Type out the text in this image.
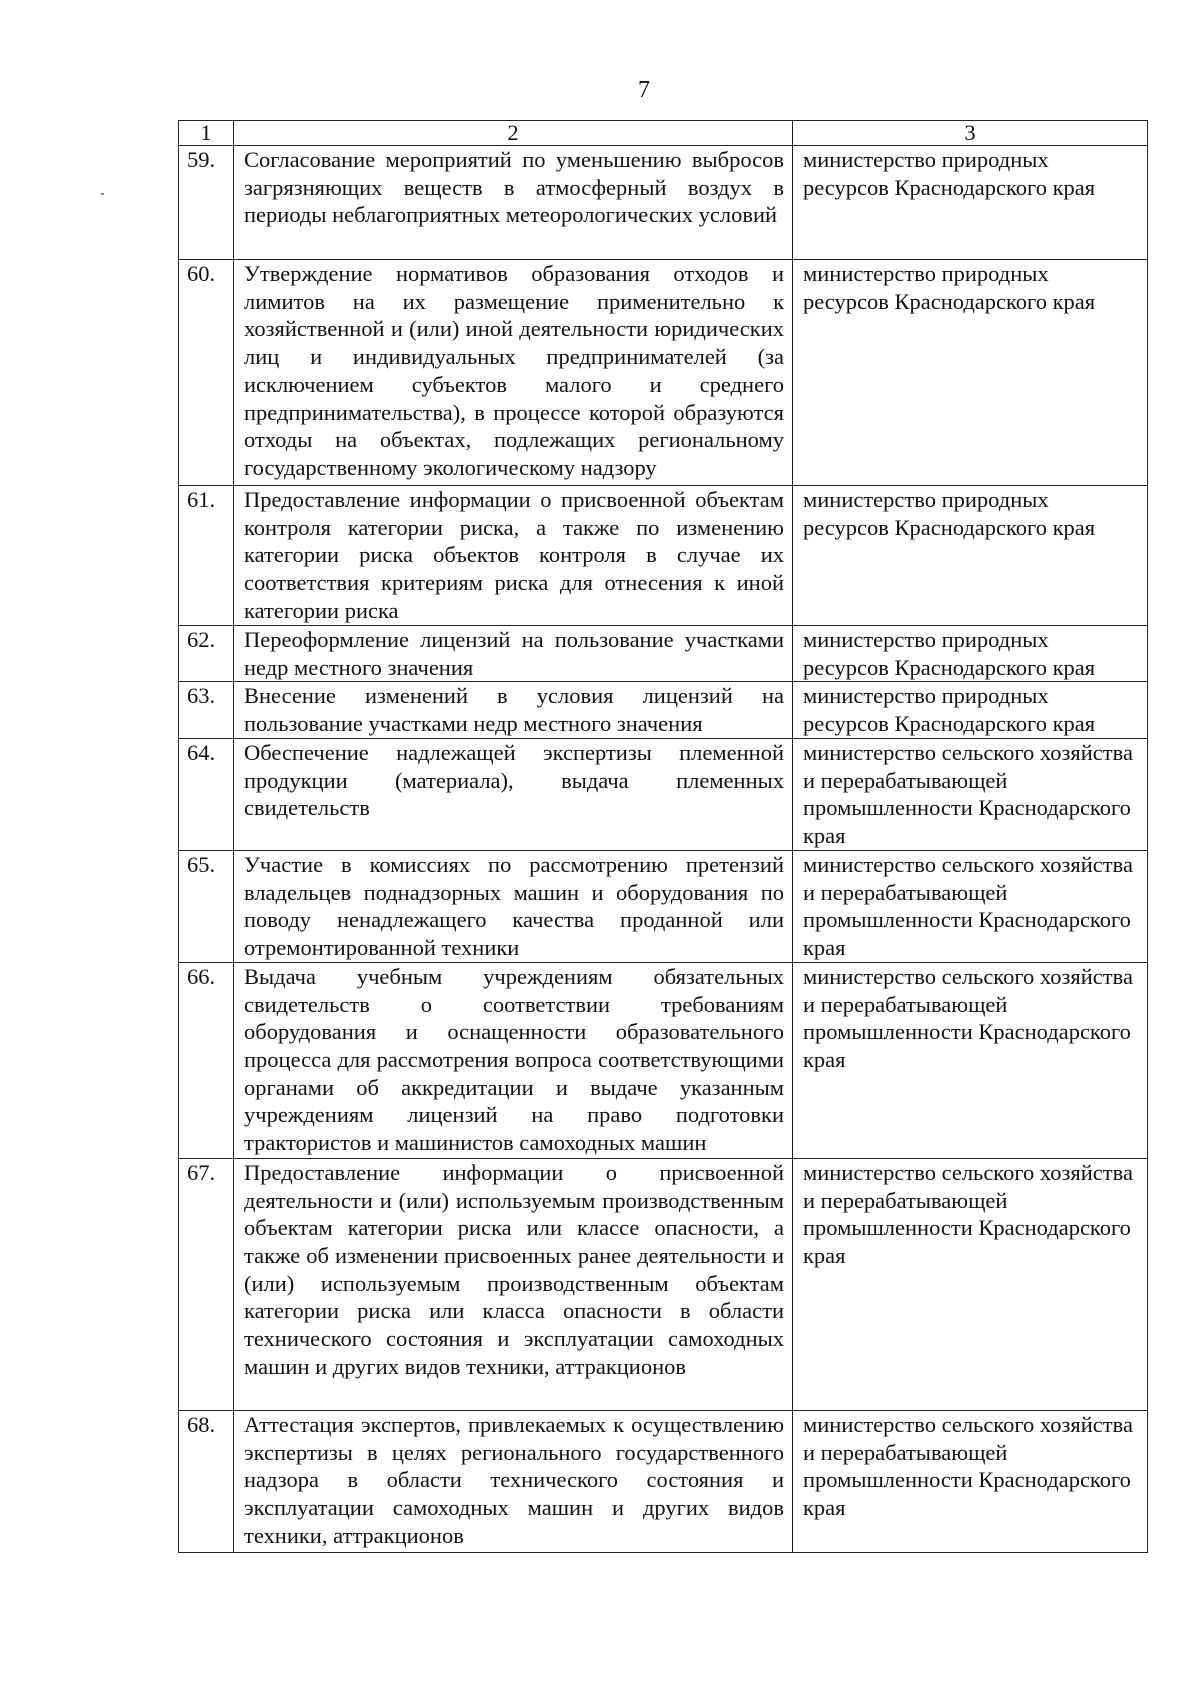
7
1	2	3
59.	Согласование мероприятий по уменьшению выбросов загрязняющих веществ в атмосферный воздух в периоды неблагоприятных метеорологических условий	министерство природных ресурсов Краснодарского края
60.	Утверждение нормативов образования отходов и лимитов на их размещение применительно к хозяйственной и (или) иной деятельности юридических лиц и индивидуальных предпринимателей (за исключением субъектов малого и среднего предпринимательства), в процессе которой образуются отходы на объектах, подлежащих региональному государственному экологическому надзору	министерство природных ресурсов Краснодарского края
61.	Предоставление информации о присвоенной объектам контроля категории риска, а также по изменению категории риска объектов контроля в случае их соответствия критериям риска для отнесения к иной категории риска	министерство природных ресурсов Краснодарского края
62.	Переоформление лицензий на пользование участками недр местного значения	министерство природных ресурсов Краснодарского края
63.	Внесение изменений в условия лицензий на пользование участками недр местного значения	министерство природных ресурсов Краснодарского края
64.	Обеспечение надлежащей экспертизы племенной продукции (материала), выдача племенных свидетельств	министерство сельского хозяйства и перерабатывающей промышленности Краснодарского края
65.	Участие в комиссиях по рассмотрению претензий владельцев поднадзорных машин и оборудования по поводу ненадлежащего качества проданной или отремонтированной техники	министерство сельского хозяйства и перерабатывающей промышленности Краснодарского края
66.	Выдача учебным учреждениям обязательных свидетельств о соответствии требованиям оборудования и оснащенности образовательного процесса для рассмотрения вопроса соответствующими органами об аккредитации и выдаче указанным учреждениям лицензий на право подготовки трактористов и машинистов самоходных машин	министерство сельского хозяйства и перерабатывающей промышленности Краснодарского края
67.	Предоставление информации о присвоенной деятельности и (или) используемым производственным объектам категории риска или классе опасности, а также об изменении присвоенных ранее деятельности и (или) используемым производственным объектам категории риска или класса опасности в области технического состояния и эксплуатации самоходных машин и других видов техники, аттракционов	министерство сельского хозяйства и перерабатывающей промышленности Краснодарского края
68.	Аттестация экспертов, привлекаемых к осуществлению экспертизы в целях регионального государственного надзора в области технического состояния и эксплуатации самоходных машин и других видов техники, аттракционов	министерство сельского хозяйства и перерабатывающей промышленности Краснодарского края
